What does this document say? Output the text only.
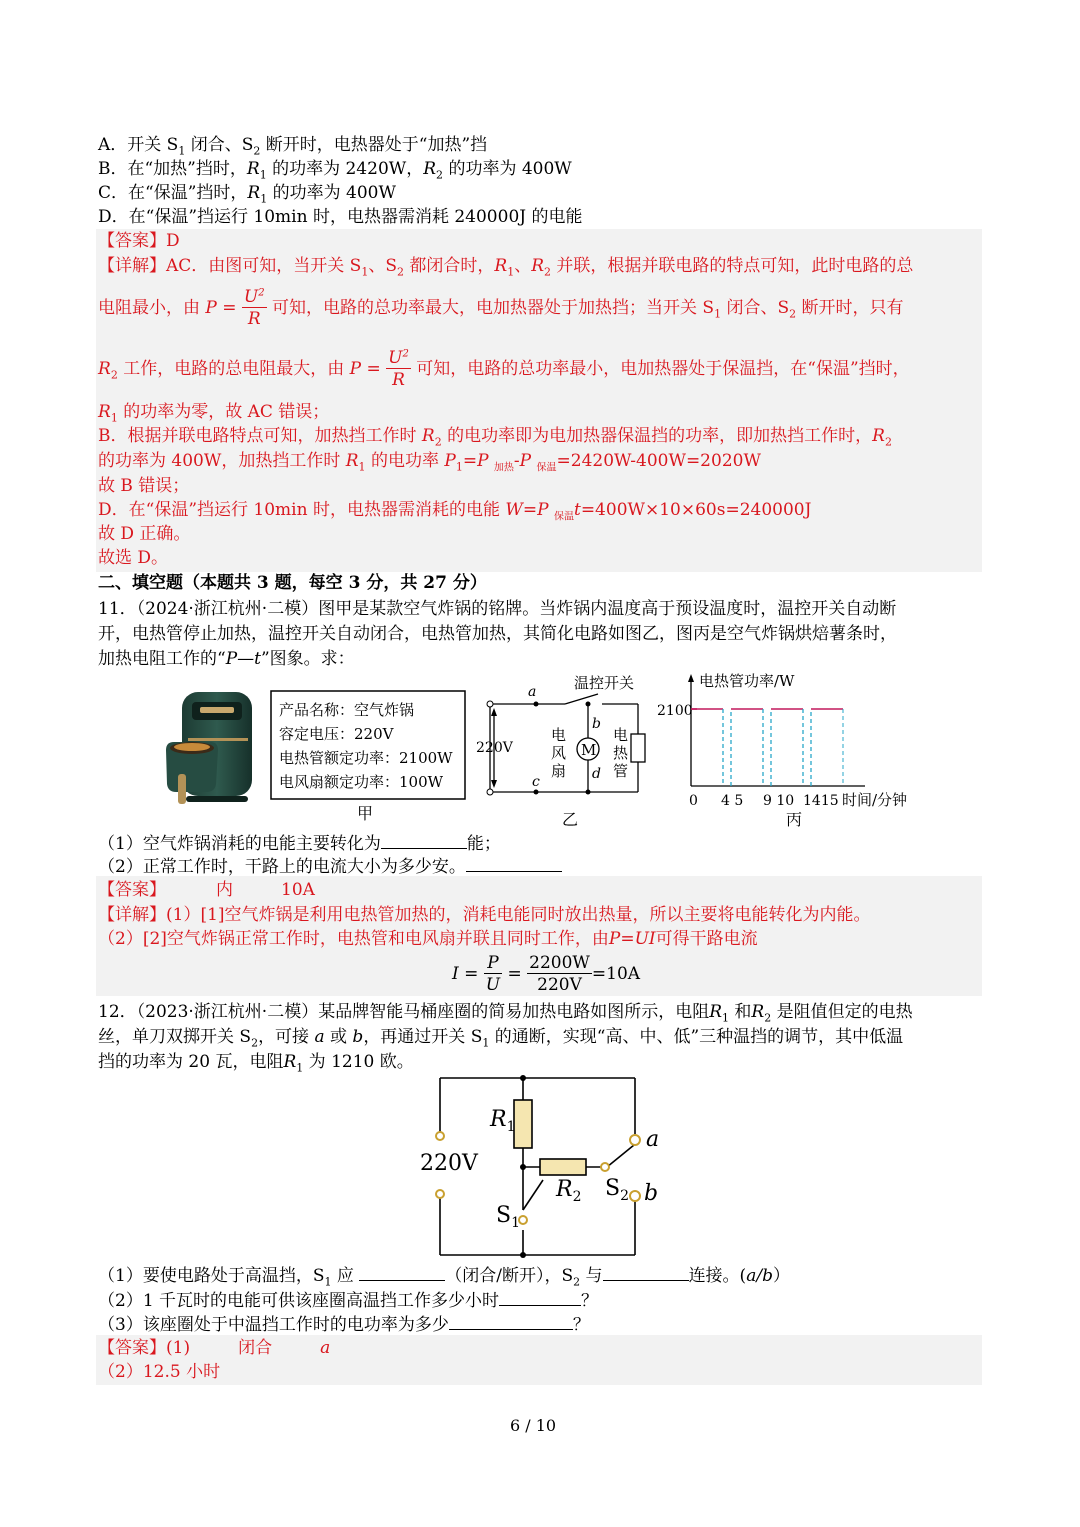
A．开关 $S_1$ 闭合、$S_2$ 断开时，电热器处于“加热”挡
B．在“加热”挡时，$R_1$ 的功率为 2420W，$R_2$ 的功率为 400W
C．在“保温”挡时，$R_1$ 的功率为 400W
D．在“保温”挡运行 10min 时，电热器需消耗 240000J 的电能
【答案】D
【详解】AC．由图可知，当开关 $S_1$、$S_2$ 都闭合时，$R_1$、$R_2$ 并联，根据并联电路的特点可知，此时电路的总
电阻最小，由 $P = \frac{U^2}{R}$ 可知，电路的总功率最大，电加热器处于加热挡；当开关 $S_1$ 闭合、$S_2$ 断开时，只有
$R_2$ 工作，电路的总电阻最大，由 $P = \frac{U^2}{R}$ 可知，电路的总功率最小，电加热器处于保温挡，在“保温”挡时，
$R_1$ 的功率为零，故 AC 错误；
B．根据并联电路特点可知，加热挡工作时 $R_2$ 的电功率即为电加热器保温挡的功率，即加热挡工作时，$R_2$
的功率为 400W，加热挡工作时 $R_1$ 的电功率 $P_1=P$ $_{加热}$-P $_{保温}$=2420W-400W=2020W
故 B 错误；
D．在“保温”挡运行 10min 时，电热器需消耗的电能 W=P $_{保温}$t=400W×10×60s=240000J
故 D 正确。
故选 D。
二、填空题（本题共 3 题，每空 3 分，共 27 分）
11．（2024·浙江杭州·二模）图甲是某款空气炸锅的铭牌。当炸锅内温度高于预设温度时，温控开关自动断
开，电热管停止加热，温控开关自动闭合，电热管加热，其简化电路如图乙，图丙是空气炸锅烘焙薯条时，
加热电阻工作的“P—t”图象。求：
产品名称：空气炸锅
容定电压：220V
电热管额定功率：2100W
电风扇额定功率：100W
甲
温控开关
a
b
c	d
220V	M
电
风
扇
电
热
管
乙
电热管功率/W
2100
0 4 5 9 10 1415 时间/分钟
丙
（1）空气炸锅消耗的电能主要转化为	能；
（2）正常工作时，干路上的电流大小为多少安。
【答案】	内	10A
【详解】(1）[1]空气炸锅是利用电热管加热的，消耗电能同时放出热量，所以主要将电能转化为内能。
（2）[2]空气炸锅正常工作时，电热管和电风扇并联且同时工作，由P=UI可得干路电流
$I = \frac{P}{U} = \frac{2200W}{220V} =10A$
12．（2023·浙江杭州·二模）某品牌智能马桶座圈的简易加热电路如图所示，电阻$R_1$ 和$R_2$ 是阻值但定的电热
丝，单刀双掷开关 $S_2$，可接 a 或 b，再通过开关 $S_1$ 的通断，实现“高、中、低”三种温挡的调节，其中低温
挡的功率为 20 瓦，电阻$R_1$ 为 1210 欧。
$R_1$
$R_2$
$S_1$
$S_2$
a
b
220V
（1）要使电路处于高温挡，$S_1$ 应	（闭合/断开），$S_2$ 与	连接。(a/b）
（2）1 千瓦时的电能可供该座圈高温挡工作多少小时	？
（3）该座圈处于中温挡工作时的电功率为多少	？
【答案】(1)	闭合	a
（2）12.5 小时
6 / 10
